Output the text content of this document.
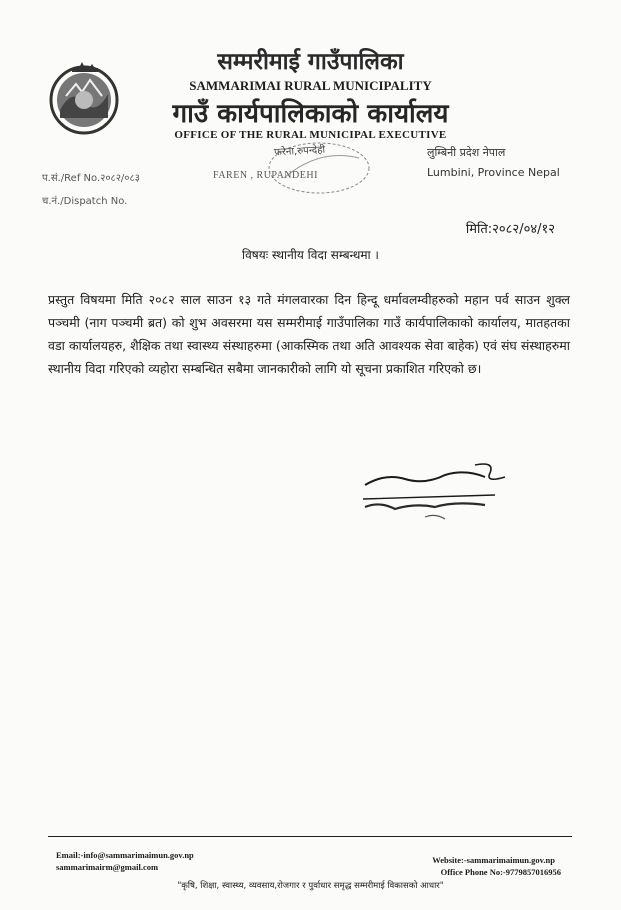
सम्मरीमाई गाउँपालिका
SAMMARIMAI RURAL MUNICIPALITY
गाउँ कार्यपालिकाको कार्यालय
OFFICE OF THE RURAL MUNICIPAL EXECUTIVE
फरेना,रुपन्देही	लुम्बिनी प्रदेश नेपाल
Lumbini, Province Nepal
प.सं./Ref No.२०८२/०८३	FAREN , RUPANDEHI
च.नं./Dispatch No.
मिति:२०८२/०४/१२
विषयः स्थानीय विदा सम्बन्धमा ।
प्रस्तुत विषयमा मिति २०८२ साल साउन १३ गते मंगलवारका दिन हिन्दू धर्मावलम्वीहरुको महान पर्व साउन शुक्ल पञ्चमी (नाग पञ्चमी ब्रत) को शुभ अवसरमा यस सम्मरीमाई गाउँपालिका गाउँ कार्यपालिकाको कार्यालय, मातहतका वडा कार्यालयहरु, शैक्षिक तथा स्वास्थ्य संस्थाहरुमा (आकस्मिक तथा अति आवश्यक सेवा बाहेक) एवं संघ संस्थाहरुमा स्थानीय विदा गरिएको व्यहोरा सम्बन्धित सबैमा जानकारीको लागि यो सूचना प्रकाशित गरिएको छ।
Email:-info@sammarimaimun.gov.np
sammarimairm@gmail.com
Website:-sammarimaimun.gov.np
Office Phone No:-9779857016956
"कृषि, शिक्षा, स्वास्थ्य, व्यवसाय,रोजगार र पुर्वाधार समृद्ध सम्मरीमाई विकासको आधार"
